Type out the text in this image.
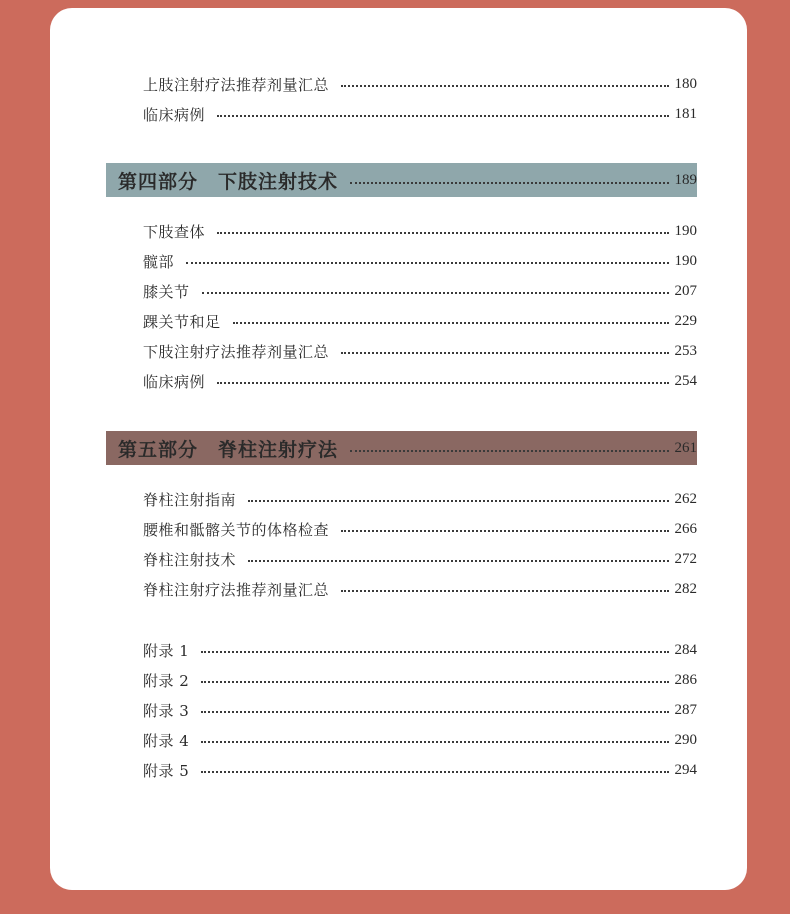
上肢注射疗法推荐剂量汇总	180
临床病例	181
第四部分　下肢注射技术	189
下肢查体	190
髋部	190
膝关节	207
踝关节和足	229
下肢注射疗法推荐剂量汇总	253
临床病例	254
第五部分　脊柱注射疗法	261
脊柱注射指南	262
腰椎和骶髂关节的体格检查	266
脊柱注射技术	272
脊柱注射疗法推荐剂量汇总	282
附录 1	284
附录 2	286
附录 3	287
附录 4	290
附录 5	294
